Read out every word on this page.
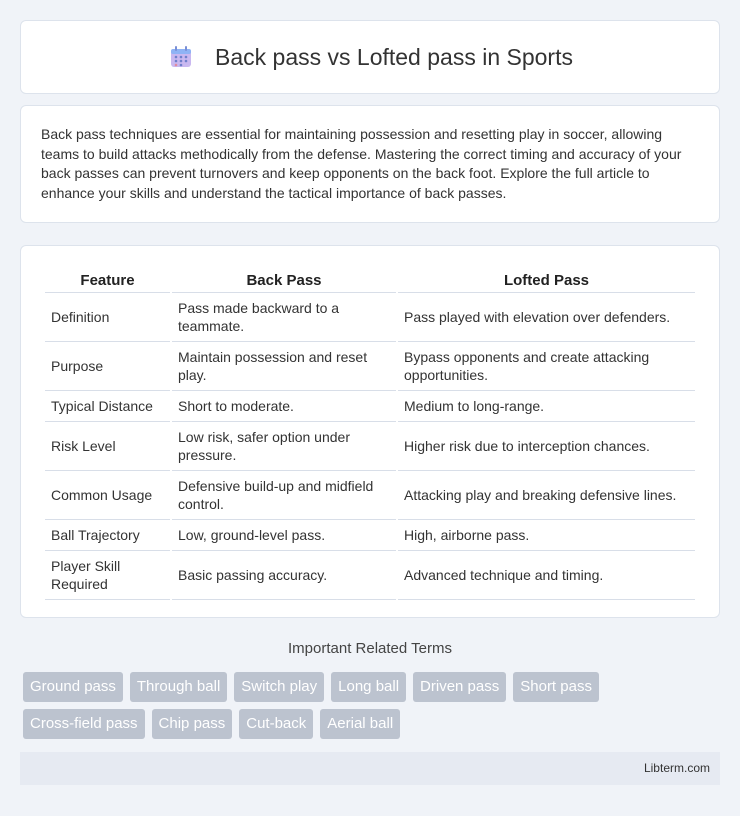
Back pass vs Lofted pass in Sports

Back pass techniques are essential for maintaining possession and resetting play in soccer, allowing teams to build attacks methodically from the defense. Mastering the correct timing and accuracy of your back passes can prevent turnovers and keep opponents on the back foot. Explore the full article to enhance your skills and understand the tactical importance of back passes.

Feature	Back Pass	Lofted Pass
Definition	Pass made backward to a teammate.	Pass played with elevation over defenders.
Purpose	Maintain possession and reset play.	Bypass opponents and create attacking opportunities.
Typical Distance	Short to moderate.	Medium to long-range.
Risk Level	Low risk, safer option under pressure.	Higher risk due to interception chances.
Common Usage	Defensive build-up and midfield control.	Attacking play and breaking defensive lines.
Ball Trajectory	Low, ground-level pass.	High, airborne pass.
Player Skill Required	Basic passing accuracy.	Advanced technique and timing.
Important Related Terms
Ground pass	Through ball	Switch play	Long ball	Driven pass	Short pass
Cross-field pass	Chip pass	Cut-back	Aerial ball
Libterm.com
